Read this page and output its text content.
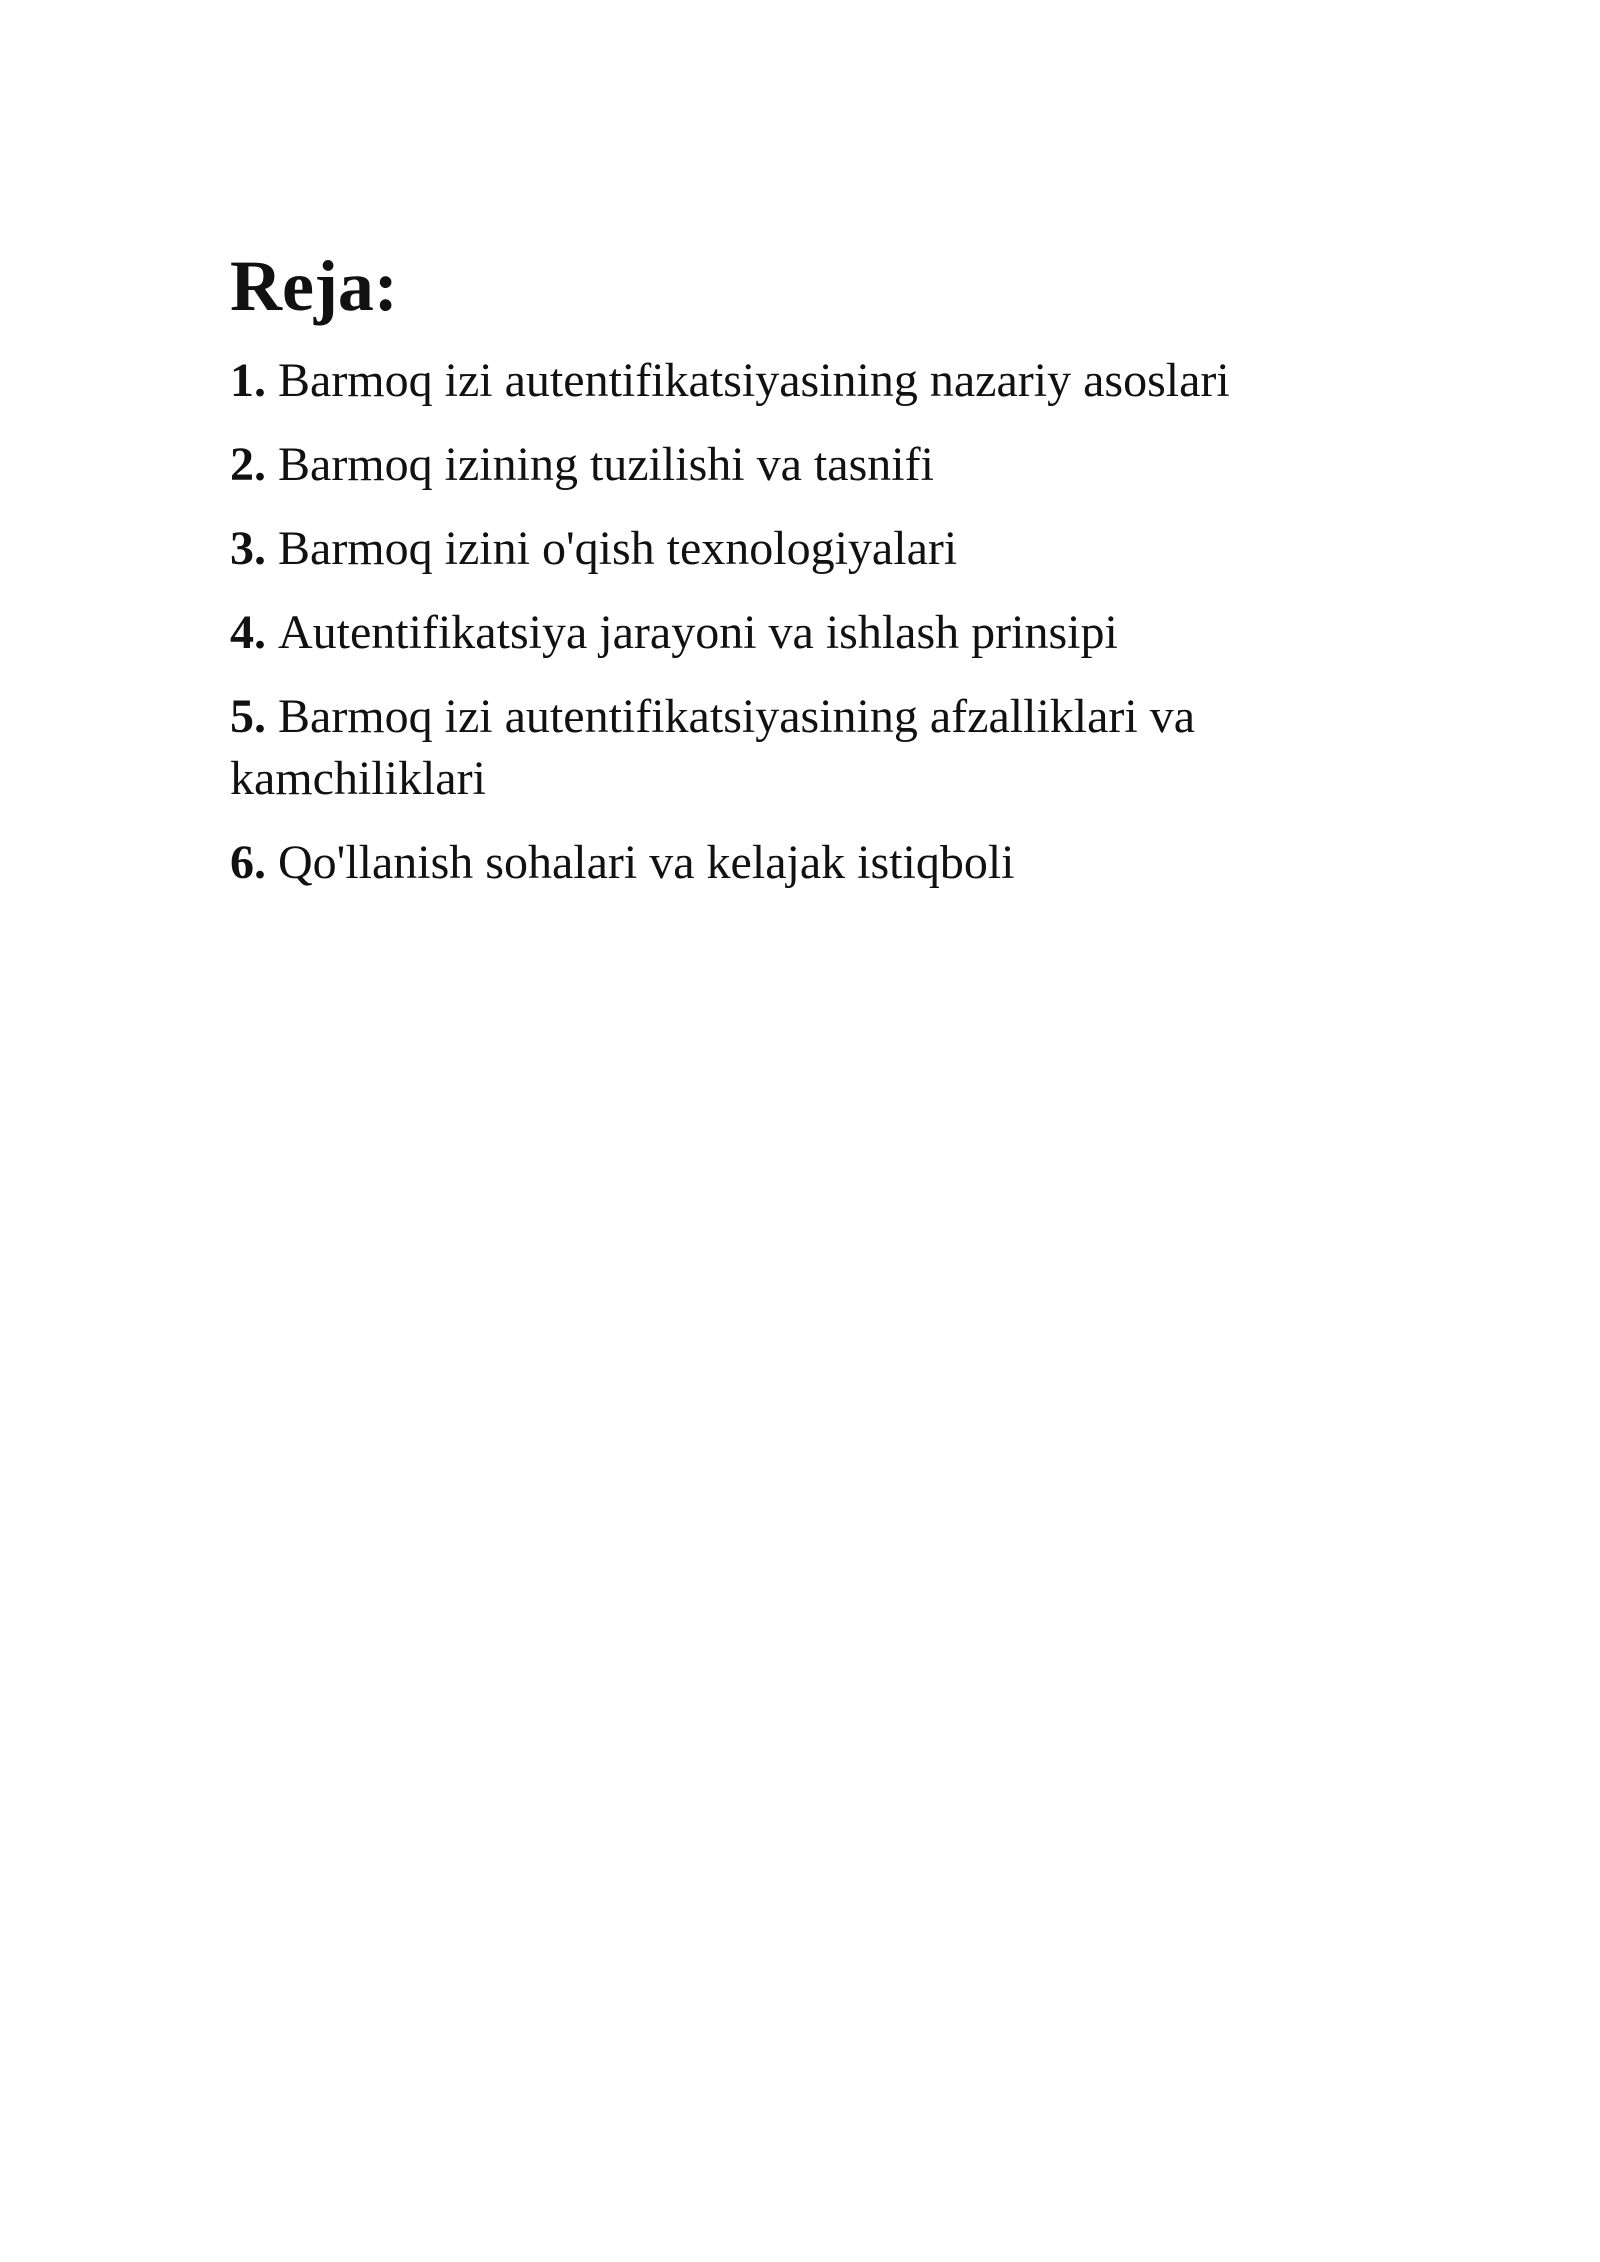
Reja:
1. Barmoq izi autentifikatsiyasining nazariy asoslari
2. Barmoq izining tuzilishi va tasnifi
3. Barmoq izini o'qish texnologiyalari
4. Autentifikatsiya jarayoni va ishlash prinsipi
5. Barmoq izi autentifikatsiyasining afzalliklari va kamchiliklari
6. Qo'llanish sohalari va kelajak istiqboli
